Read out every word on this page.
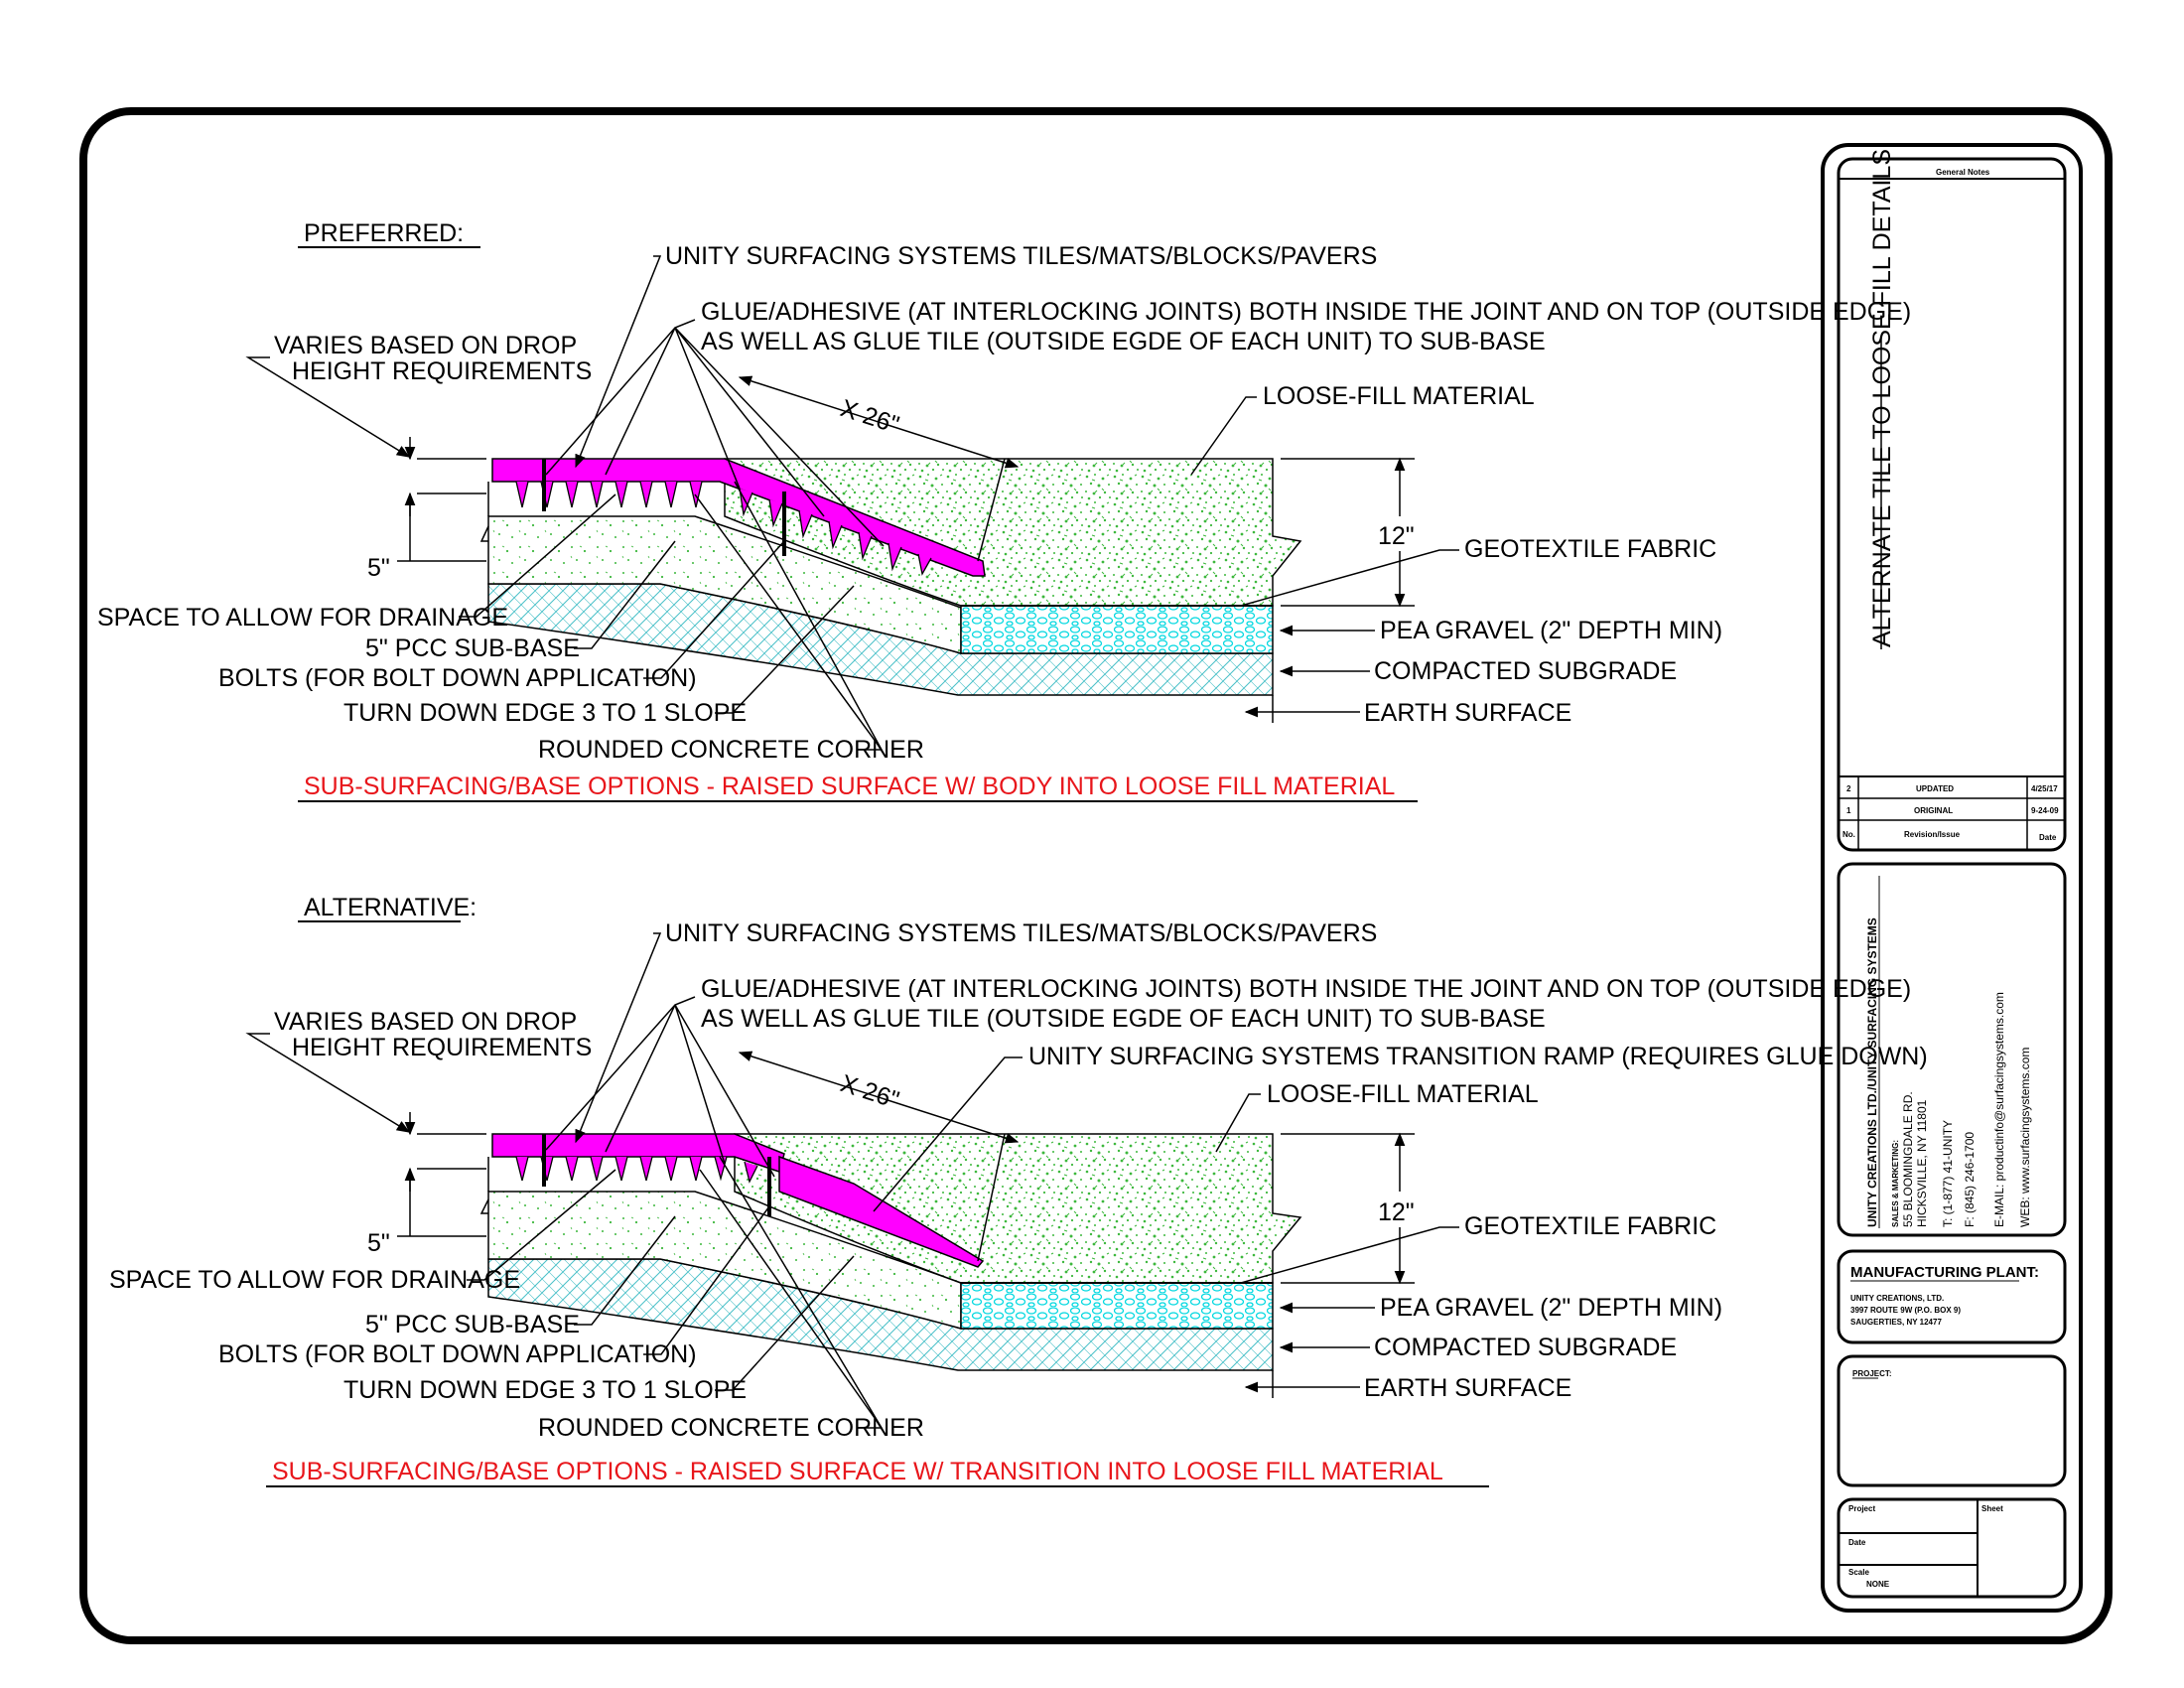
PREFERRED:
5"
12"
X 26"
UNITY SURFACING SYSTEMS TILES/MATS/BLOCKS/PAVERS
GLUE/ADHESIVE (AT INTERLOCKING JOINTS) BOTH INSIDE THE JOINT AND ON TOP (OUTSIDE EDGE)
AS WELL AS GLUE TILE (OUTSIDE EGDE OF EACH UNIT) TO SUB-BASE
VARIES BASED ON DROP
HEIGHT REQUIREMENTS
LOOSE-FILL MATERIAL
GEOTEXTILE FABRIC
PEA GRAVEL (2" DEPTH MIN)
COMPACTED SUBGRADE
EARTH SURFACE
SPACE TO ALLOW FOR DRAINAGE
5" PCC SUB-BASE
BOLTS (FOR BOLT DOWN APPLICATION)
TURN DOWN EDGE 3 TO 1 SLOPE
ROUNDED CONCRETE CORNER
SUB-SURFACING/BASE OPTIONS - RAISED SURFACE W/ BODY INTO LOOSE FILL MATERIAL
ALTERNATIVE:
5"
12"
X 26"
UNITY SURFACING SYSTEMS TILES/MATS/BLOCKS/PAVERS
GLUE/ADHESIVE (AT INTERLOCKING JOINTS) BOTH INSIDE THE JOINT AND ON TOP (OUTSIDE EDGE)
AS WELL AS GLUE TILE (OUTSIDE EGDE OF EACH UNIT) TO SUB-BASE
VARIES BASED ON DROP
HEIGHT REQUIREMENTS	UNITY SURFACING SYSTEMS TRANSITION RAMP (REQUIRES GLUE DOWN)
LOOSE-FILL MATERIAL
GEOTEXTILE FABRIC
PEA GRAVEL (2" DEPTH MIN)
COMPACTED SUBGRADE
EARTH SURFACE
SPACE TO ALLOW FOR DRAINAGE
5" PCC SUB-BASE
BOLTS (FOR BOLT DOWN APPLICATION)
TURN DOWN EDGE 3 TO 1 SLOPE
ROUNDED CONCRETE CORNER
SUB-SURFACING/BASE OPTIONS - RAISED SURFACE W/ TRANSITION INTO LOOSE FILL MATERIAL
General Notes
ALTERNATE TILE TO LOOSE FILL DETAILS
2	UPDATED	4/25/17
1	ORIGINAL	9-24-09
No.	Revision/Issue	Date
UNITY CREATIONS LTD./UNITY SURFACING SYSTEMS SALES & MARKETING: 55 BLOOMINGDALE RD. HICKSVILLE, NY 11801 T: (1-877) 41-UNITY F: (845) 246-1700 E-MAIL: productinfo@surfacingsystems.com WEB: www.surfacingsystems.com
MANUFACTURING PLANT:
UNITY CREATIONS, LTD.
3997 ROUTE 9W (P.O. BOX 9)
SAUGERTIES, NY 12477
PROJECT:
Project	Sheet
Date
Scale
NONE
